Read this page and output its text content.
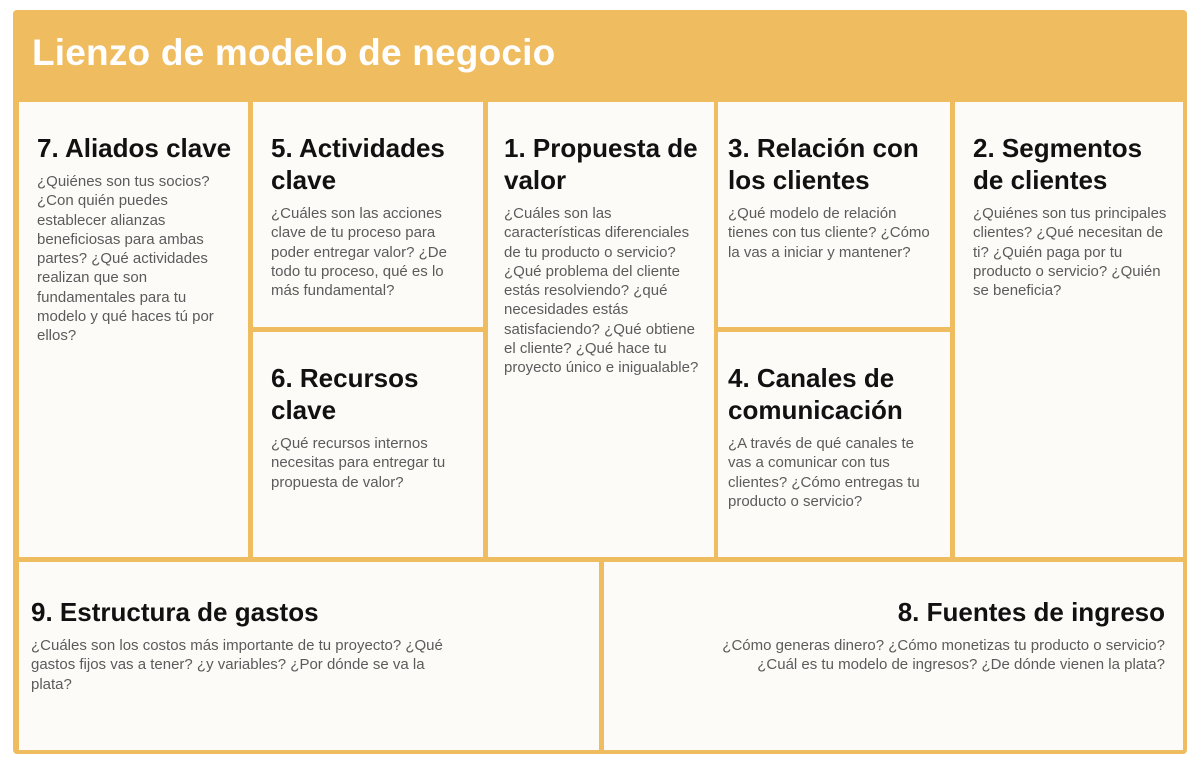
Lienzo de modelo de negocio
7. Aliados clave

¿Quiénes son tus socios? ¿Con quién puedes establecer alianzas beneficiosas para ambas partes? ¿Qué actividades realizan que son fundamentales para tu modelo y qué haces tú por ellos?

5. Actividades clave

¿Cuáles son las acciones clave de tu proceso para poder entregar valor? ¿De todo tu proceso, qué es lo más fundamental?

6. Recursos clave

¿Qué recursos internos necesitas para entregar tu propuesta de valor?

1. Propuesta de valor

¿Cuáles son las características diferenciales de tu producto o servicio? ¿Qué problema del cliente estás resolviendo? ¿qué necesidades estás satisfaciendo? ¿Qué obtiene el cliente? ¿Qué hace tu proyecto único e inigualable?

3. Relación con los clientes

¿Qué modelo de relación tienes con tus cliente? ¿Cómo la vas a iniciar y mantener?

4. Canales de comunicación

¿A través de qué canales te vas a comunicar con tus clientes? ¿Cómo entregas tu producto o servicio?

2. Segmentos de clientes

¿Quiénes son tus principales clientes? ¿Qué necesitan de ti? ¿Quién paga por tu producto o servicio? ¿Quién se beneficia?

9. Estructura de gastos

¿Cuáles son los costos más importante de tu proyecto? ¿Qué gastos fijos vas a tener? ¿y variables? ¿Por dónde se va la plata?

8. Fuentes de ingreso

¿Cómo generas dinero? ¿Cómo monetizas tu producto o servicio? ¿Cuál es tu modelo de ingresos? ¿De dónde vienen la plata?
